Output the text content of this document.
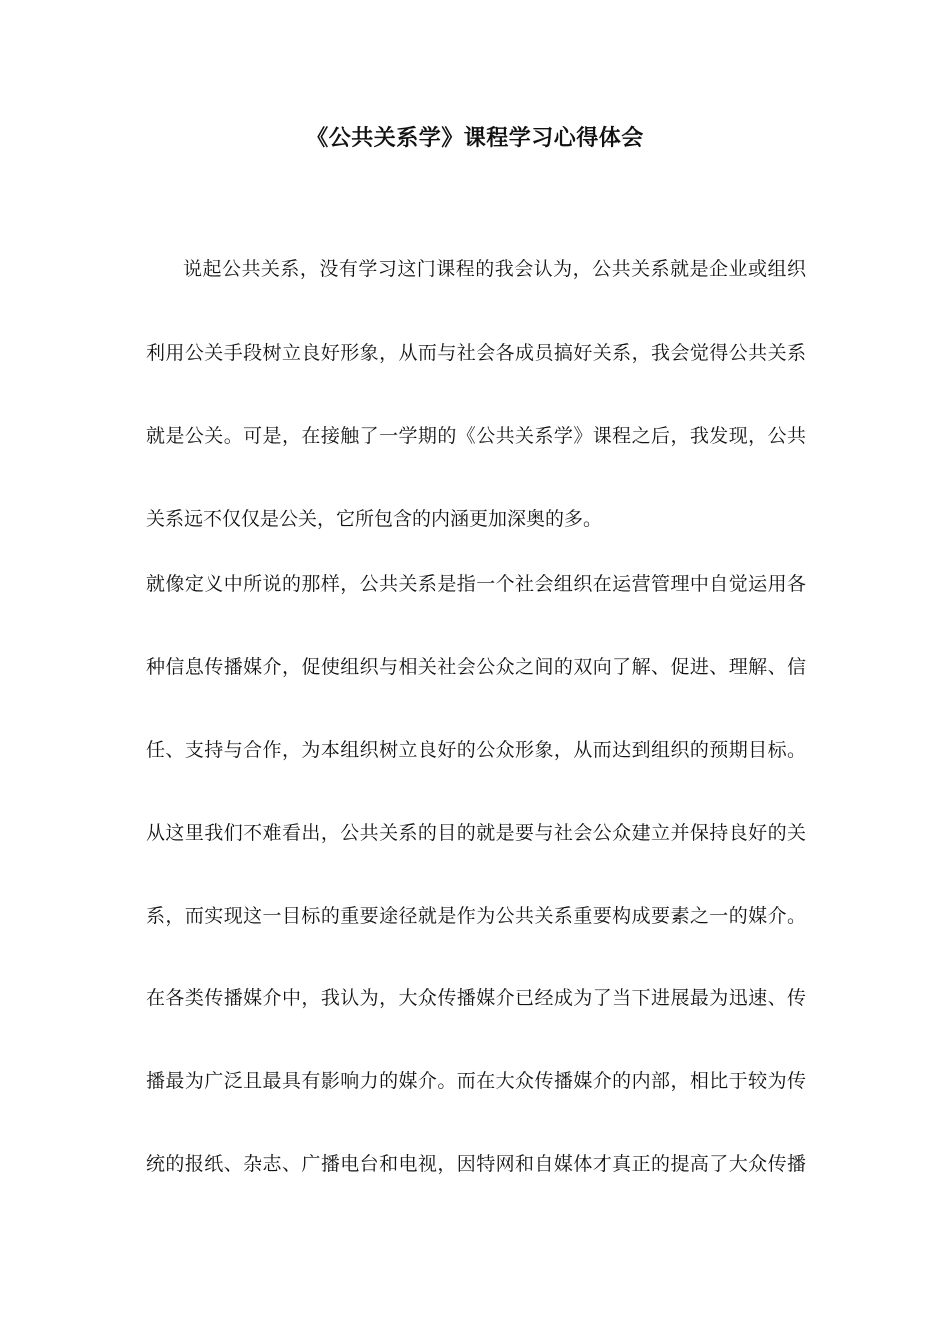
《公共关系学》课程学习心得体会
说起公共关系，没有学习这门课程的我会认为，公共关系就是企业或组织
利用公关手段树立良好形象，从而与社会各成员搞好关系，我会觉得公共关系
就是公关。可是，在接触了一学期的《公共关系学》课程之后，我发现，公共
关系远不仅仅是公关，它所包含的内涵更加深奥的多。
就像定义中所说的那样，公共关系是指一个社会组织在运营管理中自觉运用各
种信息传播媒介，促使组织与相关社会公众之间的双向了解、促进、理解、信
任、支持与合作，为本组织树立良好的公众形象，从而达到组织的预期目标。
从这里我们不难看出，公共关系的目的就是要与社会公众建立并保持良好的关
系，而实现这一目标的重要途径就是作为公共关系重要构成要素之一的媒介。
在各类传播媒介中，我认为，大众传播媒介已经成为了当下进展最为迅速、传
播最为广泛且最具有影响力的媒介。而在大众传播媒介的内部，相比于较为传
统的报纸、杂志、广播电台和电视，因特网和自媒体才真正的提高了大众传播
